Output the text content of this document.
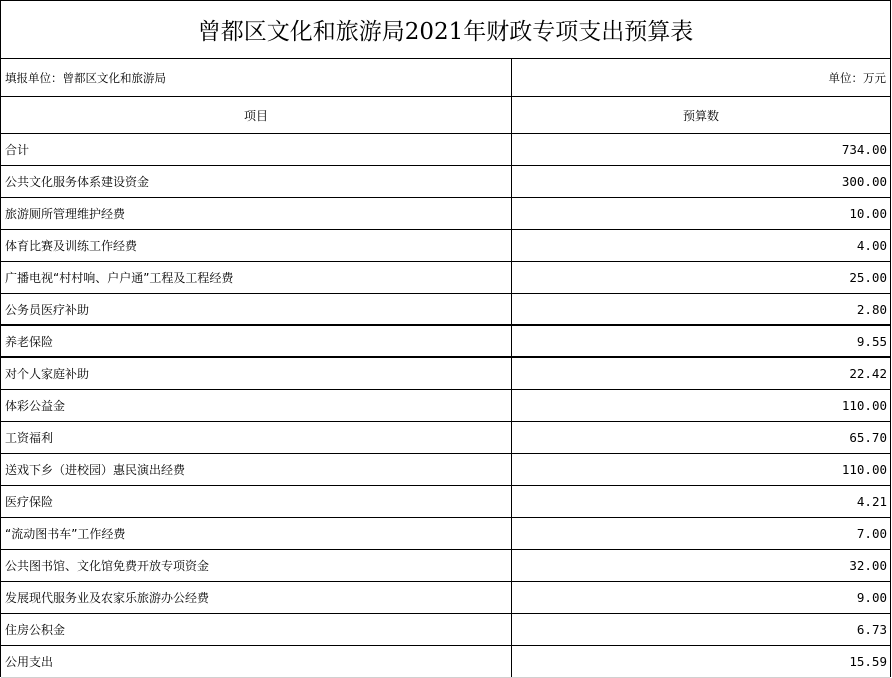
曾都区文化和旅游局2021年财政专项支出预算表
填报单位：曾都区文化和旅游局	单位：万元
项目	预算数
合计	734.00
公共文化服务体系建设资金	300.00
旅游厕所管理维护经费	10.00
体育比赛及训练工作经费	4.00
广播电视“村村响、户户通”工程及工程经费	25.00
公务员医疗补助	2.80
养老保险	9.55
对个人家庭补助	22.42
体彩公益金	110.00
工资福利	65.70
送戏下乡（进校园）惠民演出经费	110.00
医疗保险	4.21
“流动图书车”工作经费	7.00
公共图书馆、文化馆免费开放专项资金	32.00
发展现代服务业及农家乐旅游办公经费	9.00
住房公积金	6.73
公用支出	15.59
